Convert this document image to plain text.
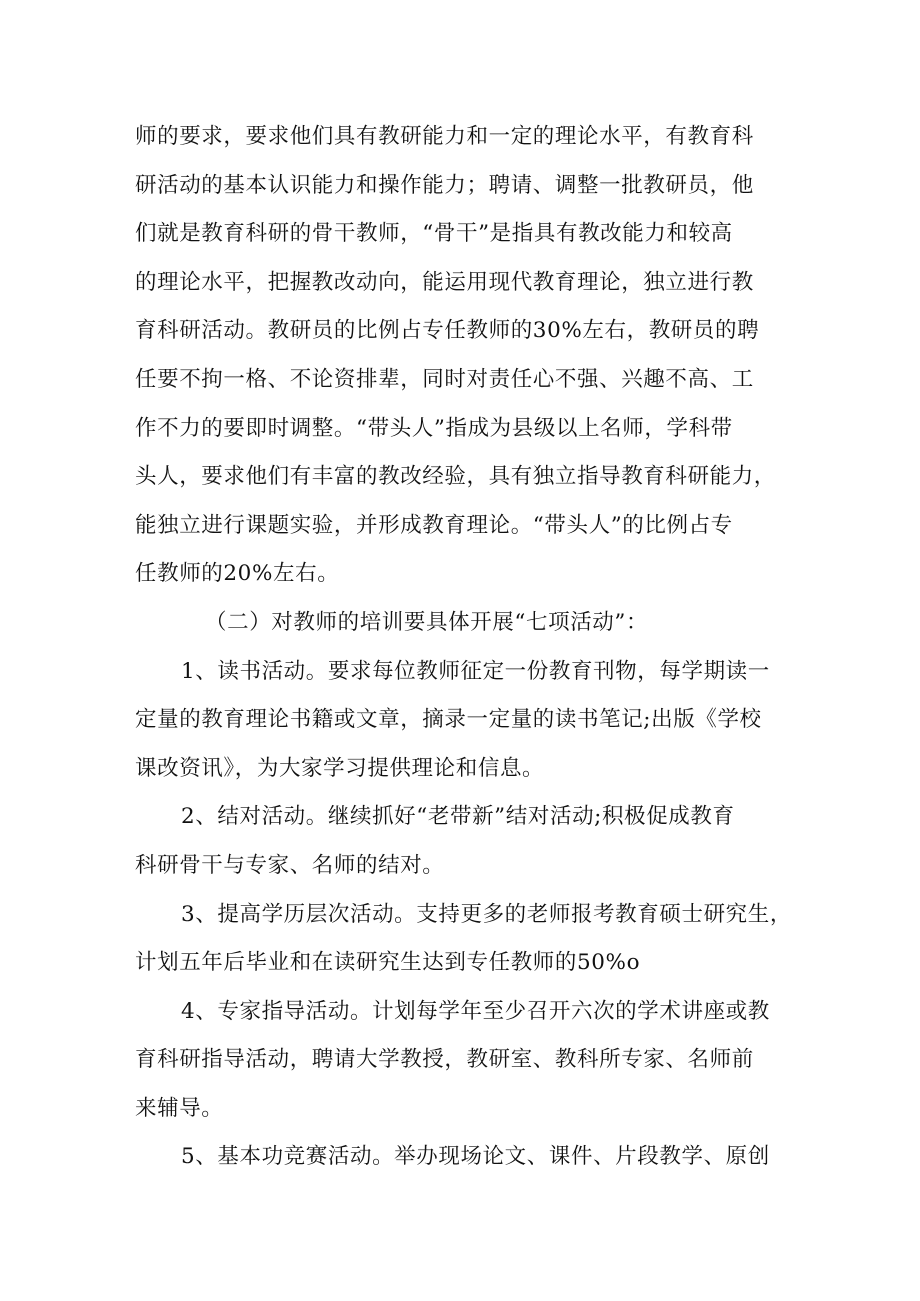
师的要求，要求他们具有教研能力和一定的理论水平，有教育科
研活动的基本认识能力和操作能力；聘请、调整一批教研员，他
们就是教育科研的骨干教师，“骨干”是指具有教改能力和较高
的理论水平，把握教改动向，能运用现代教育理论，独立进行教
育科研活动。教研员的比例占专任教师的30%左右，教研员的聘
任要不拘一格、不论资排辈，同时对责任心不强、兴趣不高、工
作不力的要即时调整。“带头人”指成为县级以上名师，学科带
头人，要求他们有丰富的教改经验，具有独立指导教育科研能力，
能独立进行课题实验，并形成教育理论。“带头人”的比例占专
任教师的20%左右。
（二）对教师的培训要具体开展“七项活动”：
1、读书活动。要求每位教师征定一份教育刊物，每学期读一
定量的教育理论书籍或文章，摘录一定量的读书笔记;出版《学校
课改资讯》，为大家学习提供理论和信息。
2、结对活动。继续抓好“老带新”结对活动;积极促成教育
科研骨干与专家、名师的结对。
3、提高学历层次活动。支持更多的老师报考教育硕士研究生，
计划五年后毕业和在读研究生达到专任教师的50%o
4、专家指导活动。计划每学年至少召开六次的学术讲座或教
育科研指导活动，聘请大学教授，教研室、教科所专家、名师前
来辅导。
5、基本功竞赛活动。举办现场论文、课件、片段教学、原创
